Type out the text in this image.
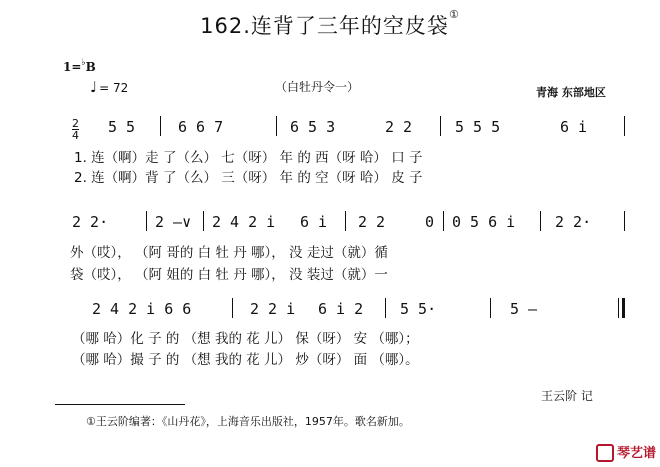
162.连背了三年的空皮袋①
1=♭B
♩ = 72	（白牡丹令一）	青海 东部地区
2
4 5 5	6 6 7	6 5 3	2 2	5 5 5	6 i
1. 连（啊）走 了（么） 七（呀） 年 的 西（呀 哈） 口 子
2. 连（啊）背 了（么） 三（呀） 年 的 空（呀 哈） 皮 子
2 2·	2 —∨ 2 4 2 i 6 i 2 2	0 0 5 6 i	2 2·
外（哎）， （阿 哥的 白 牡 丹 哪）， 没 走过（就）循
袋（哎）， （阿 姐的 白 牡 丹 哪）， 没 装过（就）一
2 4 2 i 6 6	2 2 i 6 i 2 5 5·	5 —
（哪 哈）化 子 的 （想 我的 花 儿） 保（呀） 安 （哪）；
（哪 哈）撮 子 的 （想 我的 花 儿） 炒（呀） 面 （哪）。
王云阶 记
①王云阶编著：《山丹花》，上海音乐出版社，1957年。歌名新加。
琴艺谱
